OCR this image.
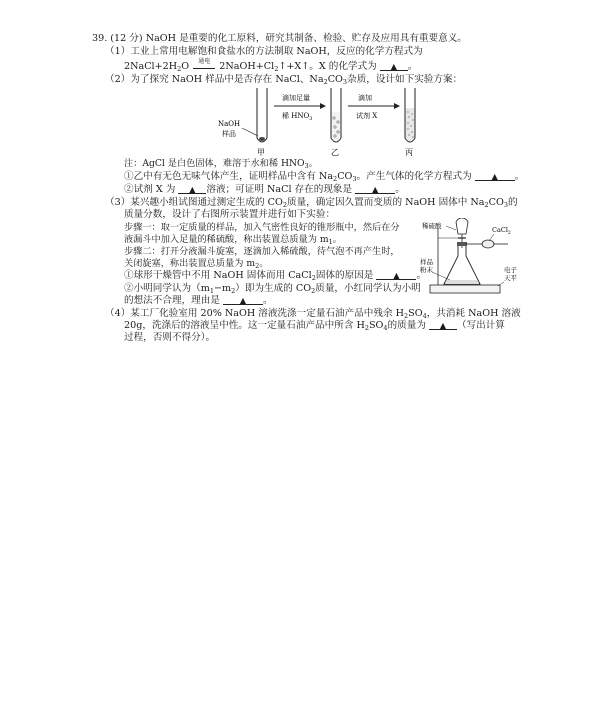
39. (12 分) NaOH 是重要的化工原料，研究其制备、检验、贮存及应用具有重要意义。
（1）工业上常用电解饱和食盐水的方法制取 NaOH，反应的化学方程式为
$2NaCl+2H_2O$	通电 $2NaOH+Cl_2↑+X↑$。X 的化学式为 ▲ 。
（2）为了探究 NaOH 样品中是否存在 NaCl、$Na_2CO_3$杂质，设计如下实验方案：
NaOH
样品
滴加足量
稀 $HNO_3$
滴加
试剂 X
甲	乙	丙
注：AgCl 是白色固体，难溶于水和稀 $HNO_3$。
①乙中有无色无味气体产生，证明样品中含有 $Na_2CO_3$。产生气体的化学方程式为 ▲ 。
②试剂 X 为 ▲ 溶液；可证明 NaCl 存在的现象是 ▲ 。
（3）某兴趣小组试图通过测定生成的 $CO_2$质量，确定因久置而变质的 NaOH 固体中 $Na_2CO_3$的
质量分数，设计了右图所示装置并进行如下实验：
步骤一：取一定质量的样品，加入气密性良好的锥形瓶中，然后在分
液漏斗中加入足量的稀硫酸，称出装置总质量为 $m_1$。
步骤二：打开分液漏斗旋塞，逐滴加入稀硫酸，待气泡不再产生时，
关闭旋塞，称出装置总质量为 $m_2$。
①球形干燥管中不用 NaOH 固体而用 CaCl$_2$固体的原因是 ▲ 。
②小明同学认为$(m_1-m_2)$即为生成的 $CO_2$质量，小红同学认为小明
的想法不合理，理由是 ▲ 。
稀硫酸	CaCl$_2$
样品
粉末	电子
天平
（4）某工厂化验室用 20% NaOH 溶液洗涤一定量石油产品中残余 $H_2SO_4$，共消耗 NaOH 溶液
20g，洗涤后的溶液呈中性。这一定量石油产品中所含 $H_2SO_4$的质量为 ▲ （写出计算
过程，否则不得分）。
